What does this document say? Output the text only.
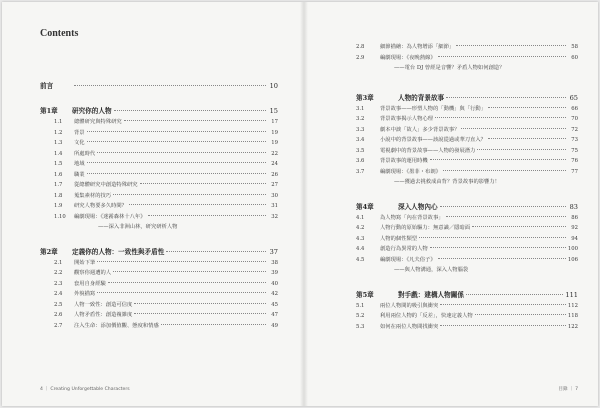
Contents
前言	10
第1章	研究你的人物	15
1.1	總體研究與特殊研究	17
1.2	背景	19
1.3	文化	19
1.4	所處時代	22
1.5	地域	24
1.6	職業	26
1.7	從總體研究中創造特殊研究	27
1.8	蒐集素材的技巧	30
1.9	研究人物要多久時間？	31
1.10	編劇現場：《迷霧森林十八年》	32
——深入非洲山林，研究研析人物
第2章	定義你的人物：一致性與矛盾性	37
2.1	開始下筆	38
2.2	觀察你週遭的人	39
2.3	套用自身經驗	40
2.4	外貌描寫	42
2.5	人物一致性：創造可信度	45
2.6	人物矛盾性：創造複雜度	47
2.7	注入生命：添加價值觀、態度和情感	49
4 ｜ Creating Unforgettable Characters
2.8	細節描繪：為人物增添「細節」	58
2.9	編劇現場：《夜晚熱線》	60
——電台 DJ 曾經是音響？矛盾人物如何創造？
第3章	人物的背景故事	65
3.1	背景故事——形塑人物的「動機」與「行動」	66
3.2	背景故事揭示人物心理	70
3.3	劇本中談「故人」多少背景故事？	72
3.4	小說中的背景故事——該說從過或華刀直入？	73
3.5	電視劇中的背景故事——人物的發展潛力	75
3.6	背景故事的運用時機	76
3.7	編劇現場：《墨菲・布朗》	77
——獲過去挑救成由背？背景故事的影響力！
第4章	深入人物內心	83
4.1	為人物寫「內在背景故事」	86
4.2	人物行動的原始驅力：無意識／隱暗面	92
4.3	人物的個性類型	94
4.4	創造行為異常的人物	100
4.5	編劇現場：《凡夫俗子》	106
——與人物溝通，深入人物腦袋
第5章	對手戲：建構人物關係	111
5.1	兩位人物間的吸引與衝突	112
5.2	利用兩位人物的「反差」，快速定義人物	118
5.3	如何在兩位人物間找衝突	122
目錄 ｜ 7
